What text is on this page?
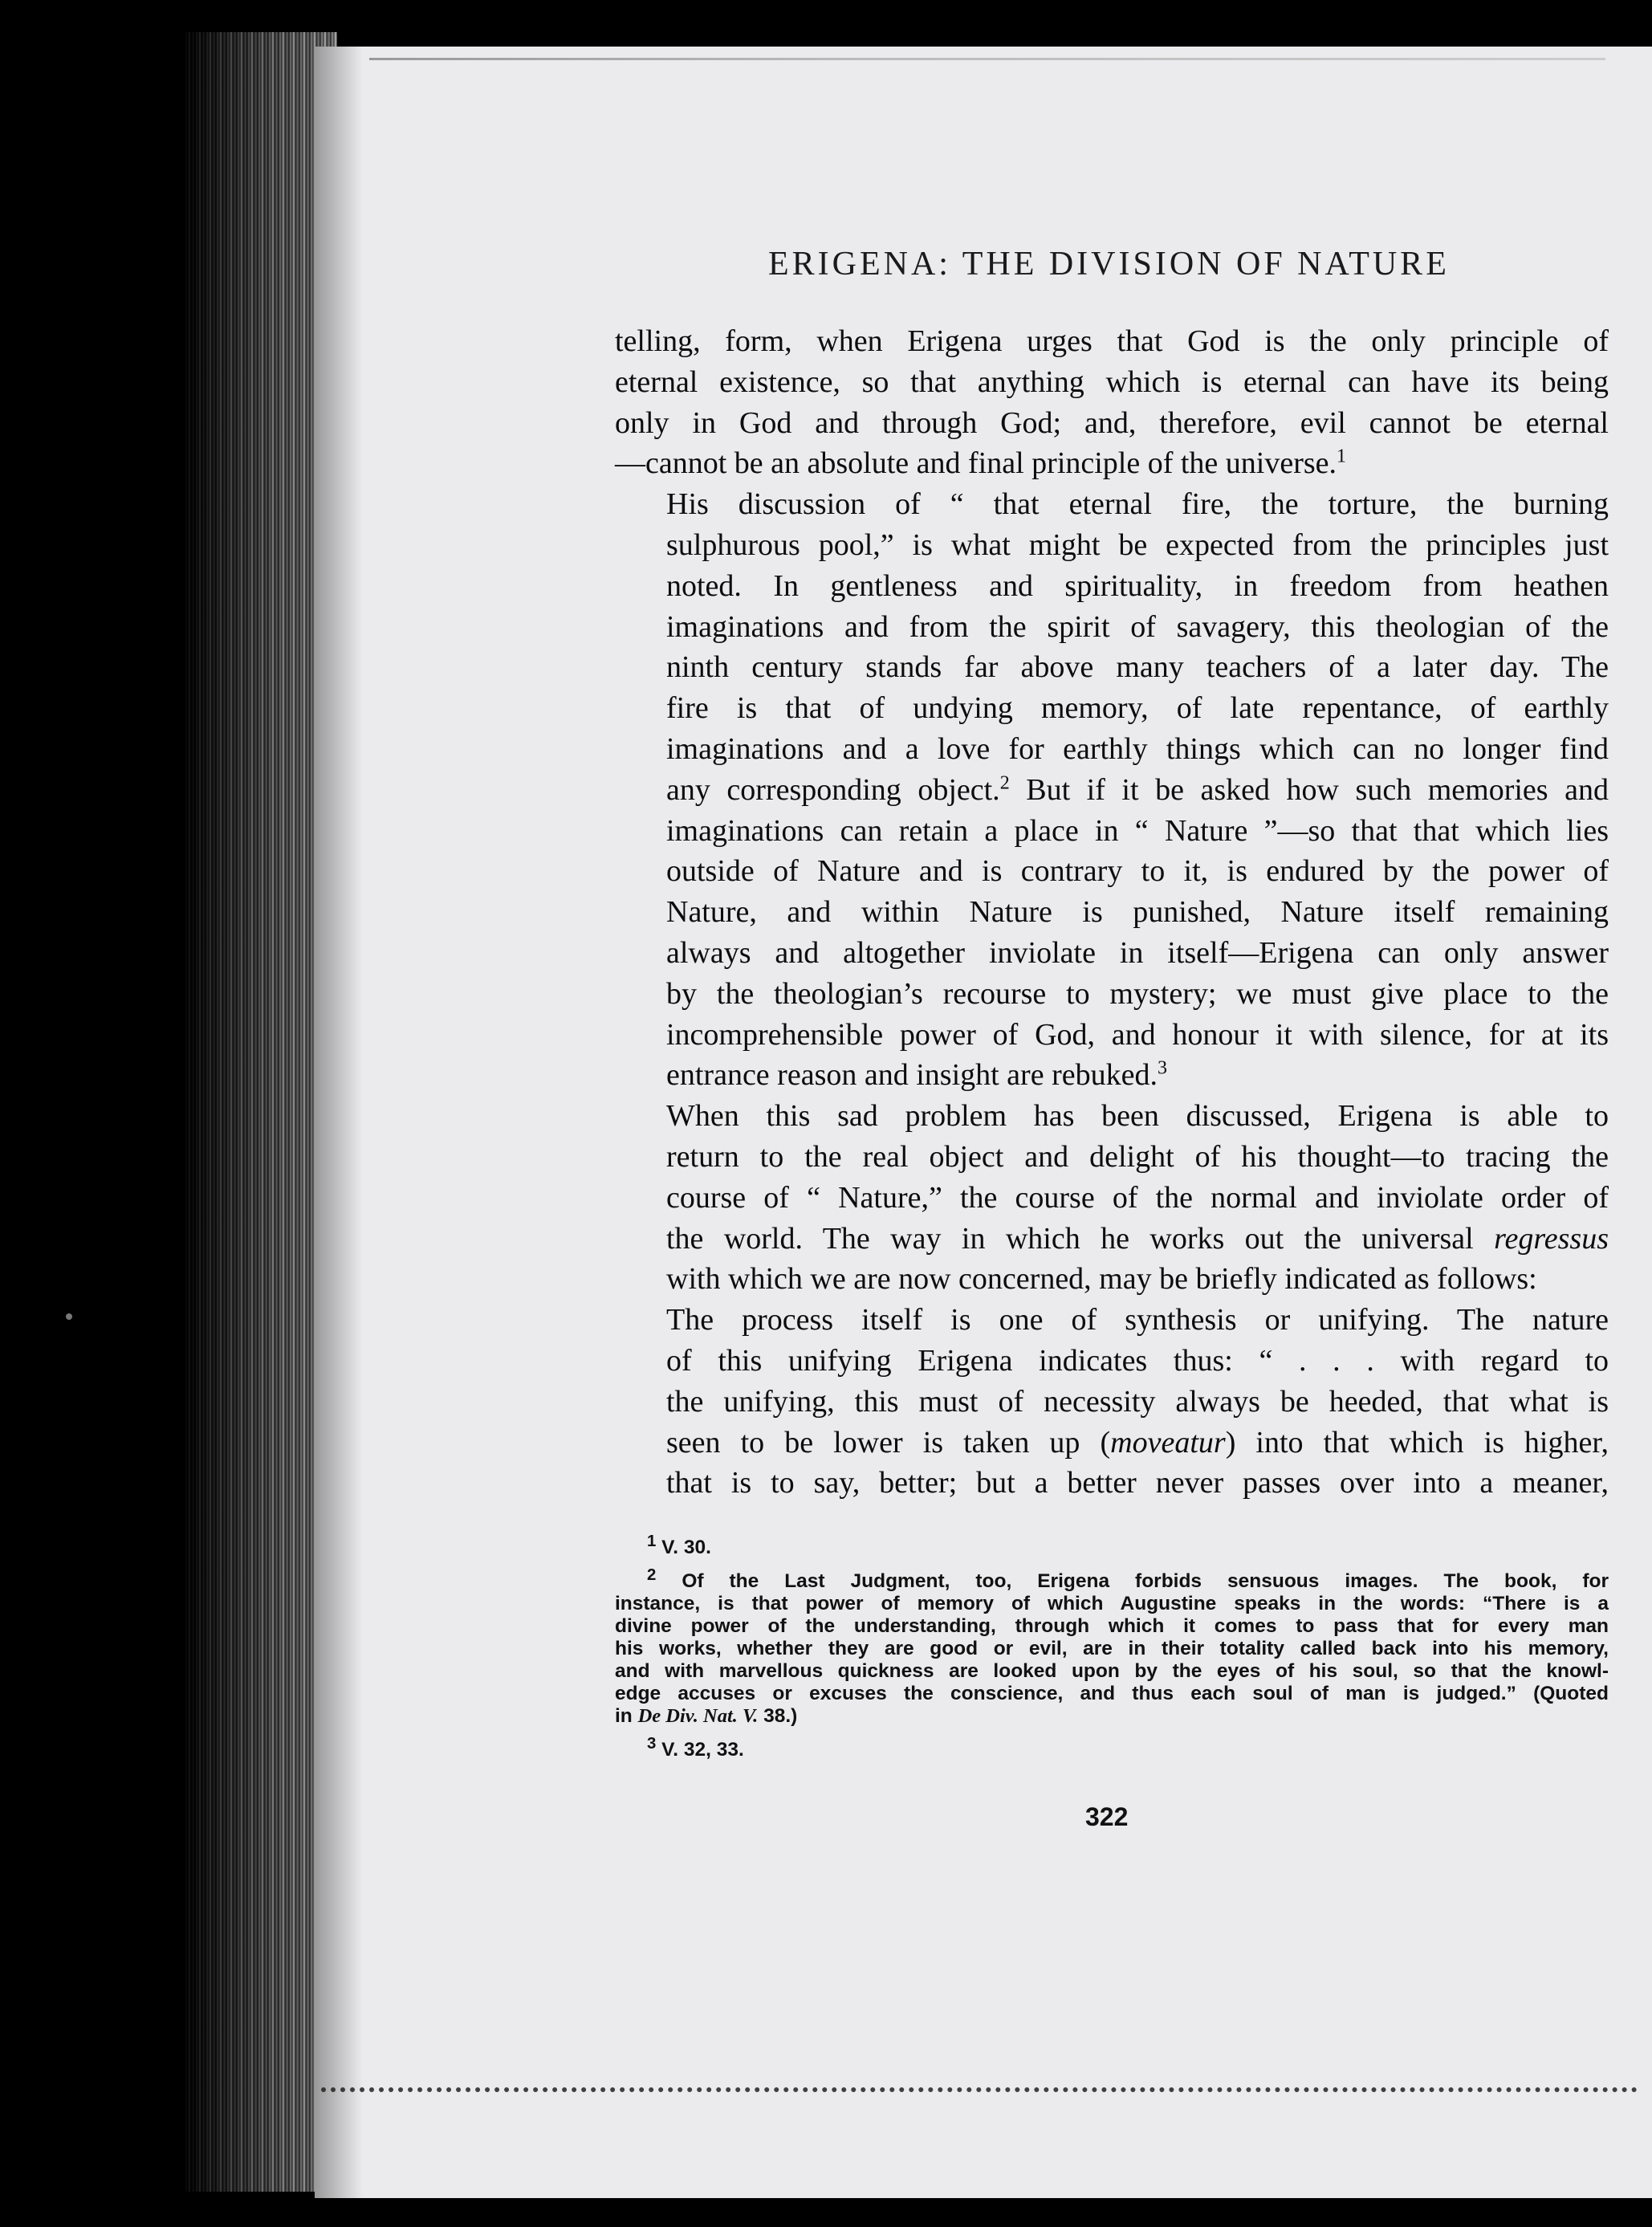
ERIGENA: THE DIVISION OF NATURE

telling, form, when Erigena urges that God is the only principle of
eternal existence, so that anything which is eternal can have its being
only in God and through God; and, therefore, evil cannot be eternal
—cannot be an absolute and final principle of the universe.$^1$

His discussion of “ that eternal fire, the torture, the burning
sulphurous pool,” is what might be expected from the principles just
noted. In gentleness and spirituality, in freedom from heathen
imaginations and from the spirit of savagery, this theologian of the
ninth century stands far above many teachers of a later day. The
fire is that of undying memory, of late repentance, of earthly
imaginations and a love for earthly things which can no longer find
any corresponding object.$^2$ But if it be asked how such memories and
imaginations can retain a place in “ Nature ”—so that that which lies
outside of Nature and is contrary to it, is endured by the power of
Nature, and within Nature is punished, Nature itself remaining
always and altogether inviolate in itself—Erigena can only answer
by the theologian’s recourse to mystery; we must give place to the
incomprehensible power of God, and honour it with silence, for at its
entrance reason and insight are rebuked.$^3$

When this sad problem has been discussed, Erigena is able to
return to the real object and delight of his thought—to tracing the
course of “ Nature,” the course of the normal and inviolate order of
the world. The way in which he works out the universal regressus
with which we are now concerned, may be briefly indicated as follows:

The process itself is one of synthesis or unifying. The nature
of this unifying Erigena indicates thus: “ . . . with regard to
the unifying, this must of necessity always be heeded, that what is
seen to be lower is taken up (moveatur) into that which is higher,
that is to say, better; but a better never passes over into a meaner,

$^1$ V. 30.
$^2$ Of the Last Judgment, too, Erigena forbids sensuous images. The book, for
instance, is that power of memory of which Augustine speaks in the words: “There is a
divine power of the understanding, through which it comes to pass that for every man
his works, whether they are good or evil, are in their totality called back into his memory,
and with marvellous quickness are looked upon by the eyes of his soul, so that the knowl-
edge accuses or excuses the conscience, and thus each soul of man is judged.” (Quoted
in De Div. Nat. V. 38.)
$^3$ V. 32, 33.
322
